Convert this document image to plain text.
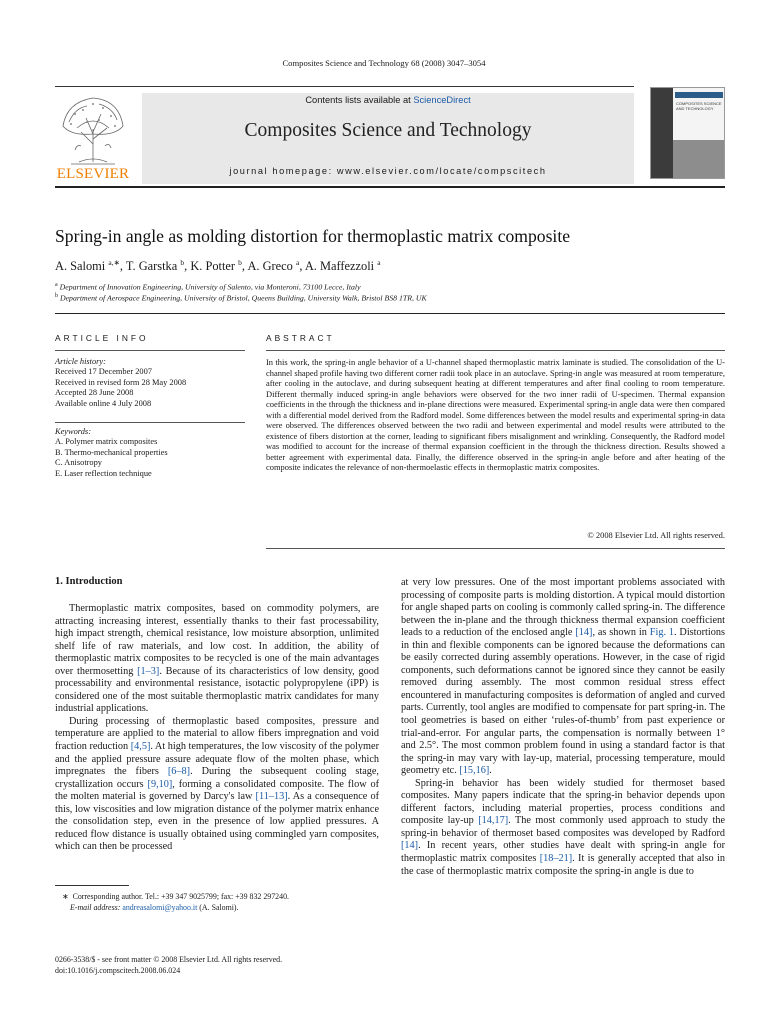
Composites Science and Technology 68 (2008) 3047–3054
ELSEVIER
Contents lists available at ScienceDirect
Composites Science and Technology
journal homepage: www.elsevier.com/locate/compscitech
COMPOSITES SCIENCE AND TECHNOLOGY
Spring-in angle as molding distortion for thermoplastic matrix composite
A. Salomi $^{a,∗}$, T. Garstka $^b$, K. Potter $^b$, A. Greco $^a$, A. Maffezzoli $^a$
$^a$ Department of Innovation Engineering, University of Salento, via Monteroni, 73100 Lecce, Italy
$^b$ Department of Aerospace Engineering, University of Bristol, Queens Building, University Walk, Bristol BS8 1TR, UK
ARTICLE INFO
Article history:
Received 17 December 2007
Received in revised form 28 May 2008
Accepted 28 June 2008
Available online 4 July 2008
Keywords:
A. Polymer matrix composites
B. Thermo-mechanical properties
C. Anisotropy
E. Laser reflection technique
ABSTRACT
In this work, the spring-in angle behavior of a U-channel shaped thermoplastic matrix laminate is studied. The consolidation of the U-channel shaped profile having two different corner radii took place in an autoclave. Spring-in angle was measured at room temperature, after cooling in the autoclave, and during subsequent heating at different temperatures and after final cooling to room temperature. Different thermally induced spring-in angle behaviors were observed for the two inner radii of U-specimen. Thermal expansion coefficients in the through the thickness and in-plane directions were measured. Experimental spring-in angle data were then compared with a differential model derived from the Radford model. Some differences between the model results and experimental spring-in data were observed. The differences observed between the two radii and between experimental and model results were attributed to the existence of fibers distortion at the corner, leading to significant fibers misalignment and wrinkling. Consequently, the Radford model was modified to account for the increase of thermal expansion coefficient in the through the thickness direction. Results showed a better agreement with experimental data. Finally, the difference observed in the spring-in angle before and after heating of the composite indicates the relevance of non-thermoelastic effects in thermoplastic matrix composites.
© 2008 Elsevier Ltd. All rights reserved.
1. Introduction

Thermoplastic matrix composites, based on commodity polymers, are attracting increasing interest, essentially thanks to their fast processability, high impact strength, chemical resistance, low moisture absorption, unlimited shelf life of raw materials, and low cost. In addition, the ability of thermoplastic matrix composites to be recycled is one of the main advantages over thermosetting [1–3]. Because of its characteristics of low density, good processability and environmental resistance, isotactic polypropylene (iPP) is considered one of the most suitable thermoplastic matrix candidates for many industrial applications.

During processing of thermoplastic based composites, pressure and temperature are applied to the material to allow fibers impregnation and void fraction reduction [4,5]. At high temperatures, the low viscosity of the polymer and the applied pressure assure adequate flow of the molten phase, which impregnates the fibers [6–8]. During the subsequent cooling stage, crystallization occurs [9,10], forming a consolidated composite. The flow of the molten material is governed by Darcy's law [11–13]. As a consequence of this, low viscosities and low migration distance of the polymer matrix enhance the consolidation step, even in the presence of low applied pressures. A reduced flow distance is usually obtained using commingled yarn composites, which can then be processed

at very low pressures. One of the most important problems associated with processing of composite parts is molding distortion. A typical mould distortion for angle shaped parts on cooling is commonly called spring-in. The difference between the in-plane and the through thickness thermal expansion coefficient leads to a reduction of the enclosed angle [14], as shown in Fig. 1. Distortions in thin and flexible components can be ignored because the deformations can be easily corrected during assembly operations. However, in the case of rigid components, such deformations cannot be ignored since they cannot be easily removed during assembly. The most common residual stress effect encountered in manufacturing composites is deformation of angled and curved parts. Currently, tool angles are modified to compensate for part spring-in. The tool geometries is based on either ‘rules-of-thumb’ from past experience or trial-and-error. For angular parts, the compensation is normally between 1° and 2.5°. The most common problem found in using a standard factor is that the spring-in may vary with lay-up, material, processing temperature, mould geometry etc. [15,16].

Spring-in behavior has been widely studied for thermoset based composites. Many papers indicate that the spring-in behavior depends upon different factors, including material properties, process conditions and composite lay-up [14,17]. The most commonly used approach to study the spring-in behavior of thermoset based composites was developed by Radford [14]. In recent years, other studies have dealt with spring-in angle for thermoplastic matrix composites [18–21]. It is generally accepted that also in the case of thermoplastic matrix composite the spring-in angle is due to

∗ Corresponding author. Tel.: +39 347 9025799; fax: +39 832 297240.
E-mail address: andreasalomi@yahoo.it (A. Salomi).
0266-3538/$ - see front matter © 2008 Elsevier Ltd. All rights reserved.
doi:10.1016/j.compscitech.2008.06.024
